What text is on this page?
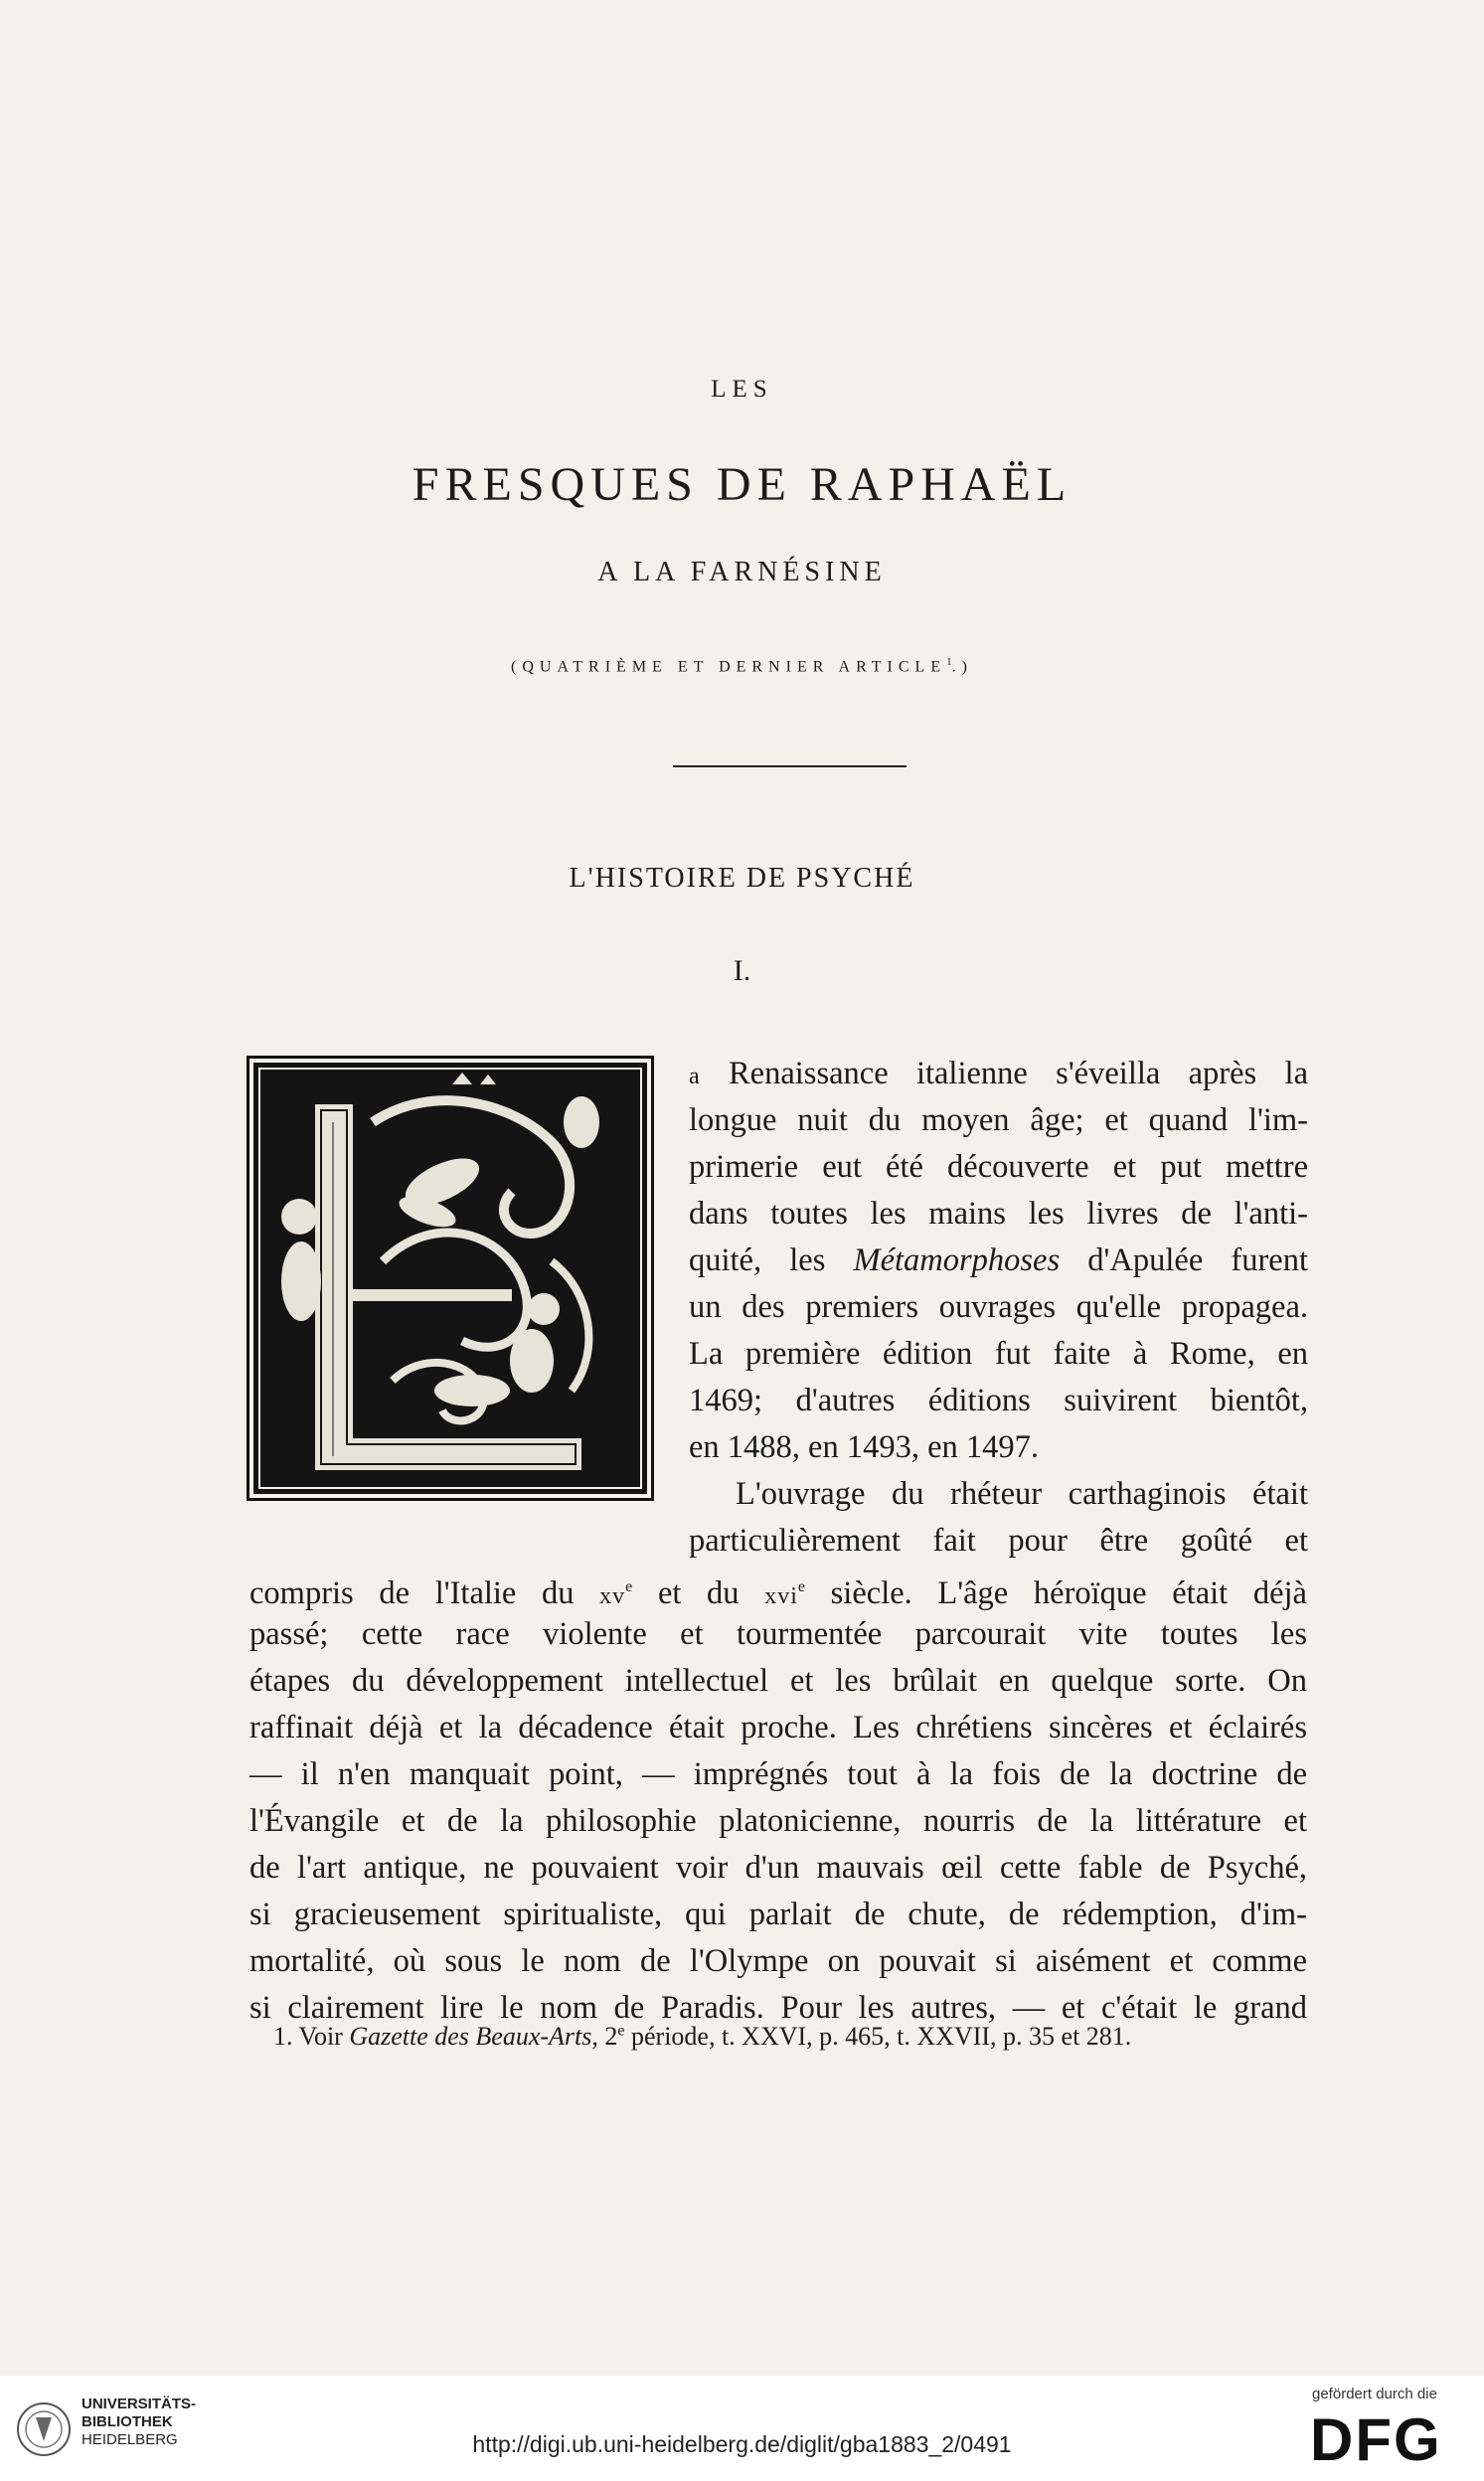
LES
FRESQUES DE RAPHAËL
A LA FARNÉSINE
(QUATRIÈME ET DERNIER ARTICLE$^1$.)
L'HISTOIRE DE PSYCHÉ
I.
a Renaissance italienne s'éveilla après la
longue nuit du moyen âge; et quand l'im-
primerie eut été découverte et put mettre
dans toutes les mains les livres de l'anti-
quité, les Métamorphoses d'Apulée furent
un des premiers ouvrages qu'elle propagea.
La première édition fut faite à Rome, en
1469; d'autres éditions suivirent bientôt,
en 1488, en 1493, en 1497.
L'ouvrage du rhéteur carthaginois était
particulièrement fait pour être goûté et
compris de l'Italie du $xv^e$ et du xvi$^e$ siècle. L'âge héroïque était déjà
passé; cette race violente et tourmentée parcourait vite toutes les
étapes du développement intellectuel et les brûlait en quelque sorte. On
raffinait déjà et la décadence était proche. Les chrétiens sincères et éclairés
— il n'en manquait point, — imprégnés tout à la fois de la doctrine de
l'Évangile et de la philosophie platonicienne, nourris de la littérature et
de l'art antique, ne pouvaient voir d'un mauvais œil cette fable de Psyché,
si gracieusement spiritualiste, qui parlait de chute, de rédemption, d'im-
mortalité, où sous le nom de l'Olympe on pouvait si aisément et comme
si clairement lire le nom de Paradis. Pour les autres, — et c'était le grand
1. Voir Gazette des Beaux-Arts, 2e période, t. XXVI, p. 465, t. XXVII, p. 35 et 281.
UNIVERSITÄTS-
BIBLIOTHEK
HEIDELBERG	http://digi.ub.uni-heidelberg.de/diglit/gba1883_2/0491
gefördert durch die
DFG
